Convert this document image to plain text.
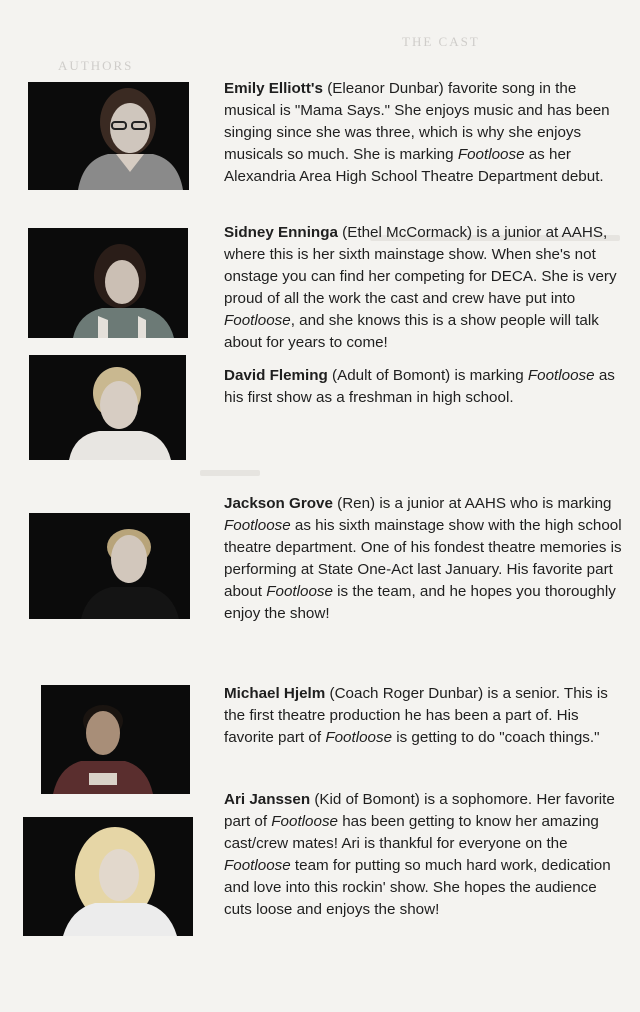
AUTHORS
THE CAST
Emily Elliott's (Eleanor Dunbar) favorite song in the musical is "Mama Says." She enjoys music and has been singing since she was three, which is why she enjoys musicals so much. She is marking Footloose as her Alexandria Area High School Theatre Department debut.
Sidney Enninga (Ethel McCormack) is a junior at AAHS, where this is her sixth mainstage show. When she's not onstage you can find her competing for DECA. She is very proud of all the work the cast and crew have put into Footloose, and she knows this is a show people will talk about for years to come!
David Fleming (Adult of Bomont) is marking Footloose as his first show as a freshman in high school.
Jackson Grove (Ren) is a junior at AAHS who is marking Footloose as his sixth mainstage show with the high school theatre department. One of his fondest theatre memories is performing at State One-Act last January. His favorite part about Footloose is the team, and he hopes you thoroughly enjoy the show!
Michael Hjelm (Coach Roger Dunbar) is a senior. This is the first theatre production he has been a part of. His favorite part of Footloose is getting to do "coach things."
Ari Janssen (Kid of Bomont) is a sophomore. Her favorite part of Footloose has been getting to know her amazing cast/crew mates! Ari is thankful for everyone on the Footloose team for putting so much hard work, dedication and love into this rockin' show. She hopes the audience cuts loose and enjoys the show!
